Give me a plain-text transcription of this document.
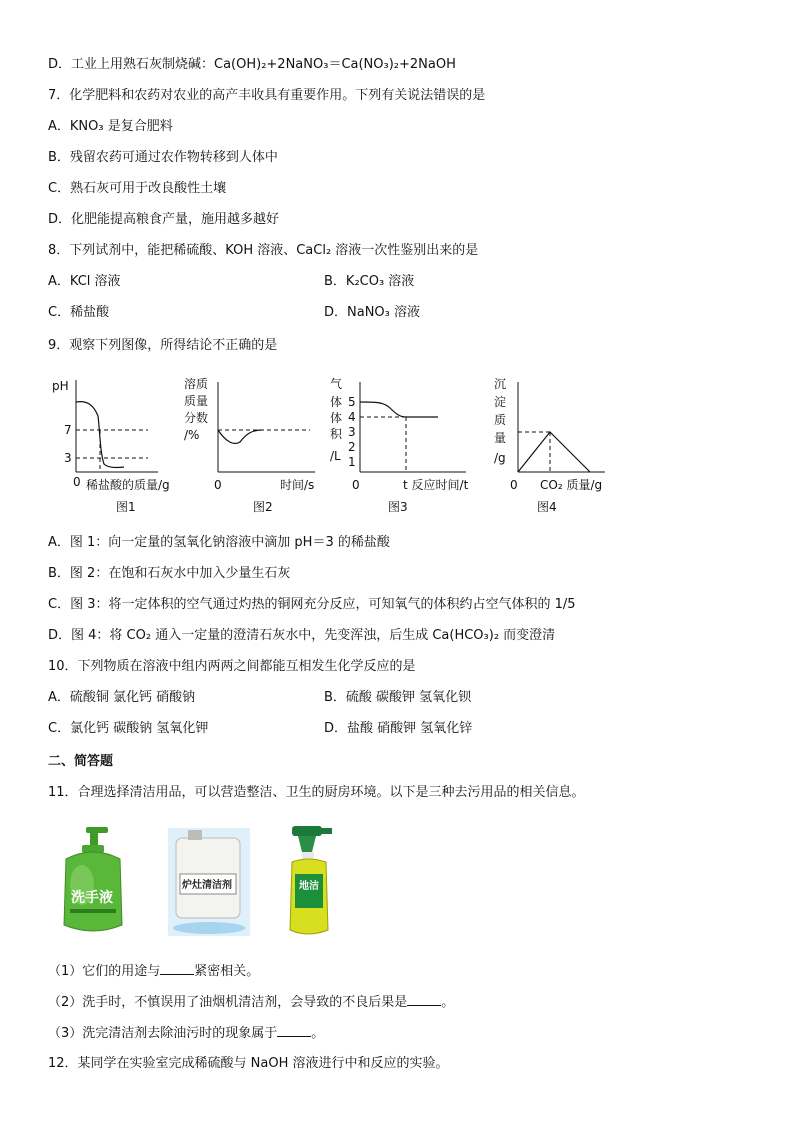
D．工业上用熟石灰制烧碱：Ca(OH)₂+2NaNO₃＝Ca(NO₃)₂+2NaOH
7．化学肥料和农药对农业的高产丰收具有重要作用。下列有关说法错误的是
A．KNO₃ 是复合肥料
B．残留农药可通过农作物转移到人体中
C．熟石灰可用于改良酸性土壤
D．化肥能提高粮食产量，施用越多越好
8．下列试剂中，能把稀硫酸、KOH 溶液、CaCl₂ 溶液一次性鉴别出来的是
A．KCl 溶液	B．K₂CO₃ 溶液
C．稀盐酸	D．NaNO₃ 溶液
9．观察下列图像，所得结论不正确的是
pH
7
3
0 稀盐酸的质量/g
图1
溶质
质量
分数
/%
0	时间/s
图2
气
体
体
积
/L
5
4
3
2
1
0	t 反应时间/t
图3
沉
淀
质
量
/g
0 CO₂ 质量/g
图4
A．图 1：向一定量的氢氧化钠溶液中滴加 pH＝3 的稀盐酸
B．图 2：在饱和石灰水中加入少量生石灰
C．图 3：将一定体积的空气通过灼热的铜网充分反应，可知氧气的体积约占空气体积的 1/5
D．图 4：将 CO₂ 通入一定量的澄清石灰水中，先变浑浊，后生成 Ca(HCO₃)₂ 而变澄清
10．下列物质在溶液中组内两两之间都能互相发生化学反应的是
A．硫酸铜 氯化钙 硝酸钠	B．硫酸 碳酸钾 氢氧化钡
C．氯化钙 碳酸钠 氢氧化钾	D．盐酸 硝酸钾 氢氧化锌
二、简答题
11．合理选择清洁用品，可以营造整洁、卫生的厨房环境。以下是三种去污用品的相关信息。
洗手液
炉灶清洁剂	地洁
（1）它们的用途与	紧密相关。
（2）洗手时，不慎误用了油烟机清洁剂，会导致的不良后果是	。
（3）洗完清洁剂去除油污时的现象属于	。
12．某同学在实验室完成稀硫酸与 NaOH 溶液进行中和反应的实验。
